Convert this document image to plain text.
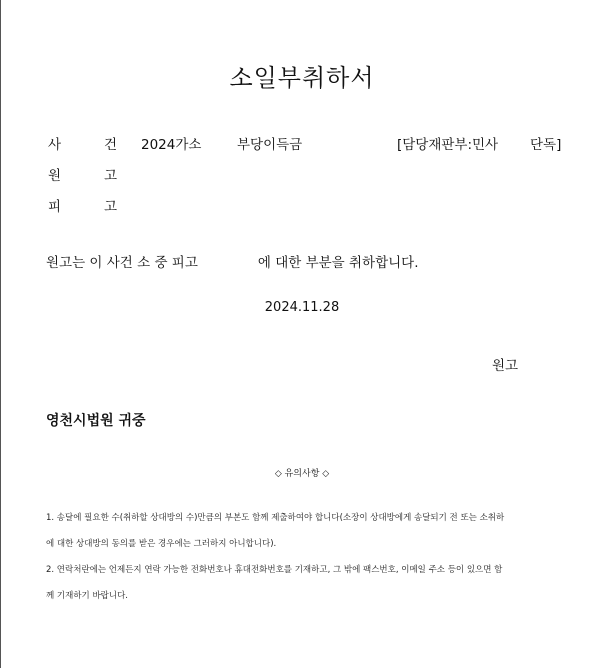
소일부취하서
사	건 2024가소	부당이득금	[담당재판부:민사 단독]
원	고
피	고
원고는 이 사건 소 중 피고	에 대한 부분을 취하합니다.
2024.11.28
원고
영천시법원 귀중
◇ 유의사항 ◇

1. 송달에 필요한 수(취하할 상대방의 수)만큼의 부본도 함께 제출하여야 합니다(소장이 상대방에게 송달되기 전 또는 소취하

에 대한 상대방의 동의를 받은 경우에는 그러하지 아니합니다).

2. 연락처란에는 언제든지 연락 가능한 전화번호나 휴대전화번호를 기재하고, 그 밖에 팩스번호, 이메일 주소 등이 있으면 함

께 기재하기 바랍니다.
